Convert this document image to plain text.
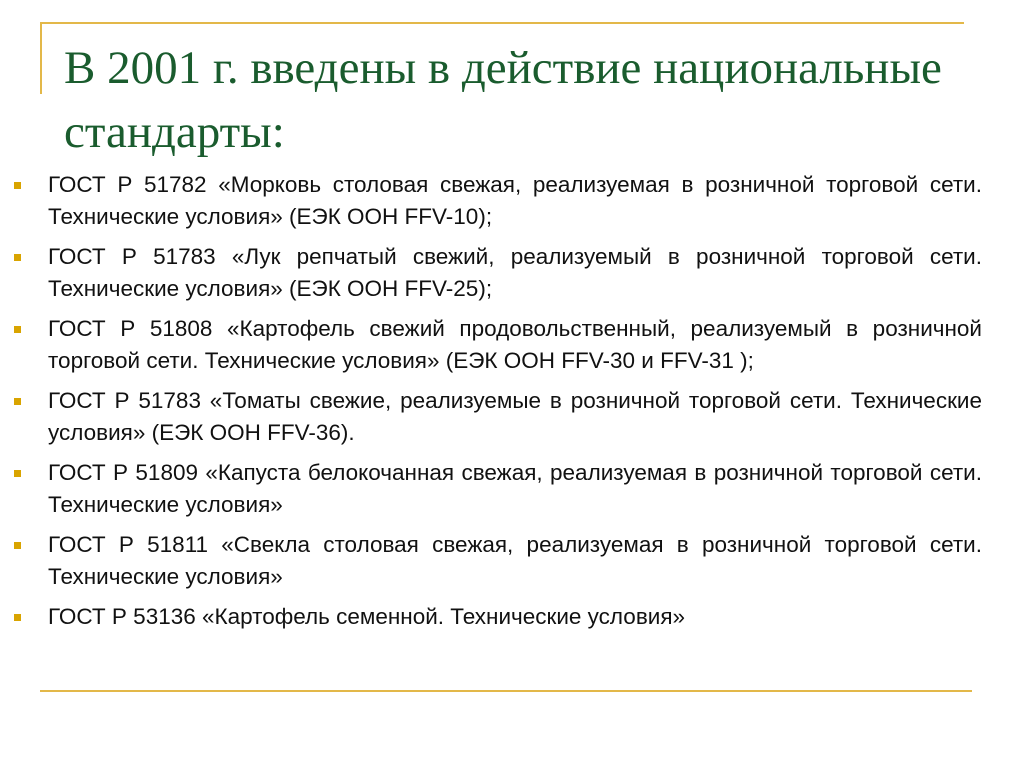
В 2001 г. введены в действие национальные стандарты:
ГОСТ Р 51782 «Морковь столовая свежая, реализуемая в розничной торговой сети. Технические условия» (ЕЭК ООН FFV-10);
ГОСТ Р 51783 «Лук репчатый свежий, реализуемый в розничной торговой сети. Технические условия» (ЕЭК ООН FFV-25);
ГОСТ Р 51808 «Картофель свежий продовольственный, реализуемый в розничной торговой сети. Технические условия» (ЕЭК ООН FFV-30 и FFV-31 );
ГОСТ Р 51783 «Томаты свежие, реализуемые в розничной торговой сети. Технические условия» (ЕЭК ООН FFV-36).
ГОСТ Р 51809 «Капуста белокочанная свежая, реализуемая в розничной торговой сети. Технические условия»
ГОСТ Р 51811 «Свекла столовая свежая, реализуемая в розничной торговой сети. Технические условия»
ГОСТ Р 53136 «Картофель семенной. Технические условия»
